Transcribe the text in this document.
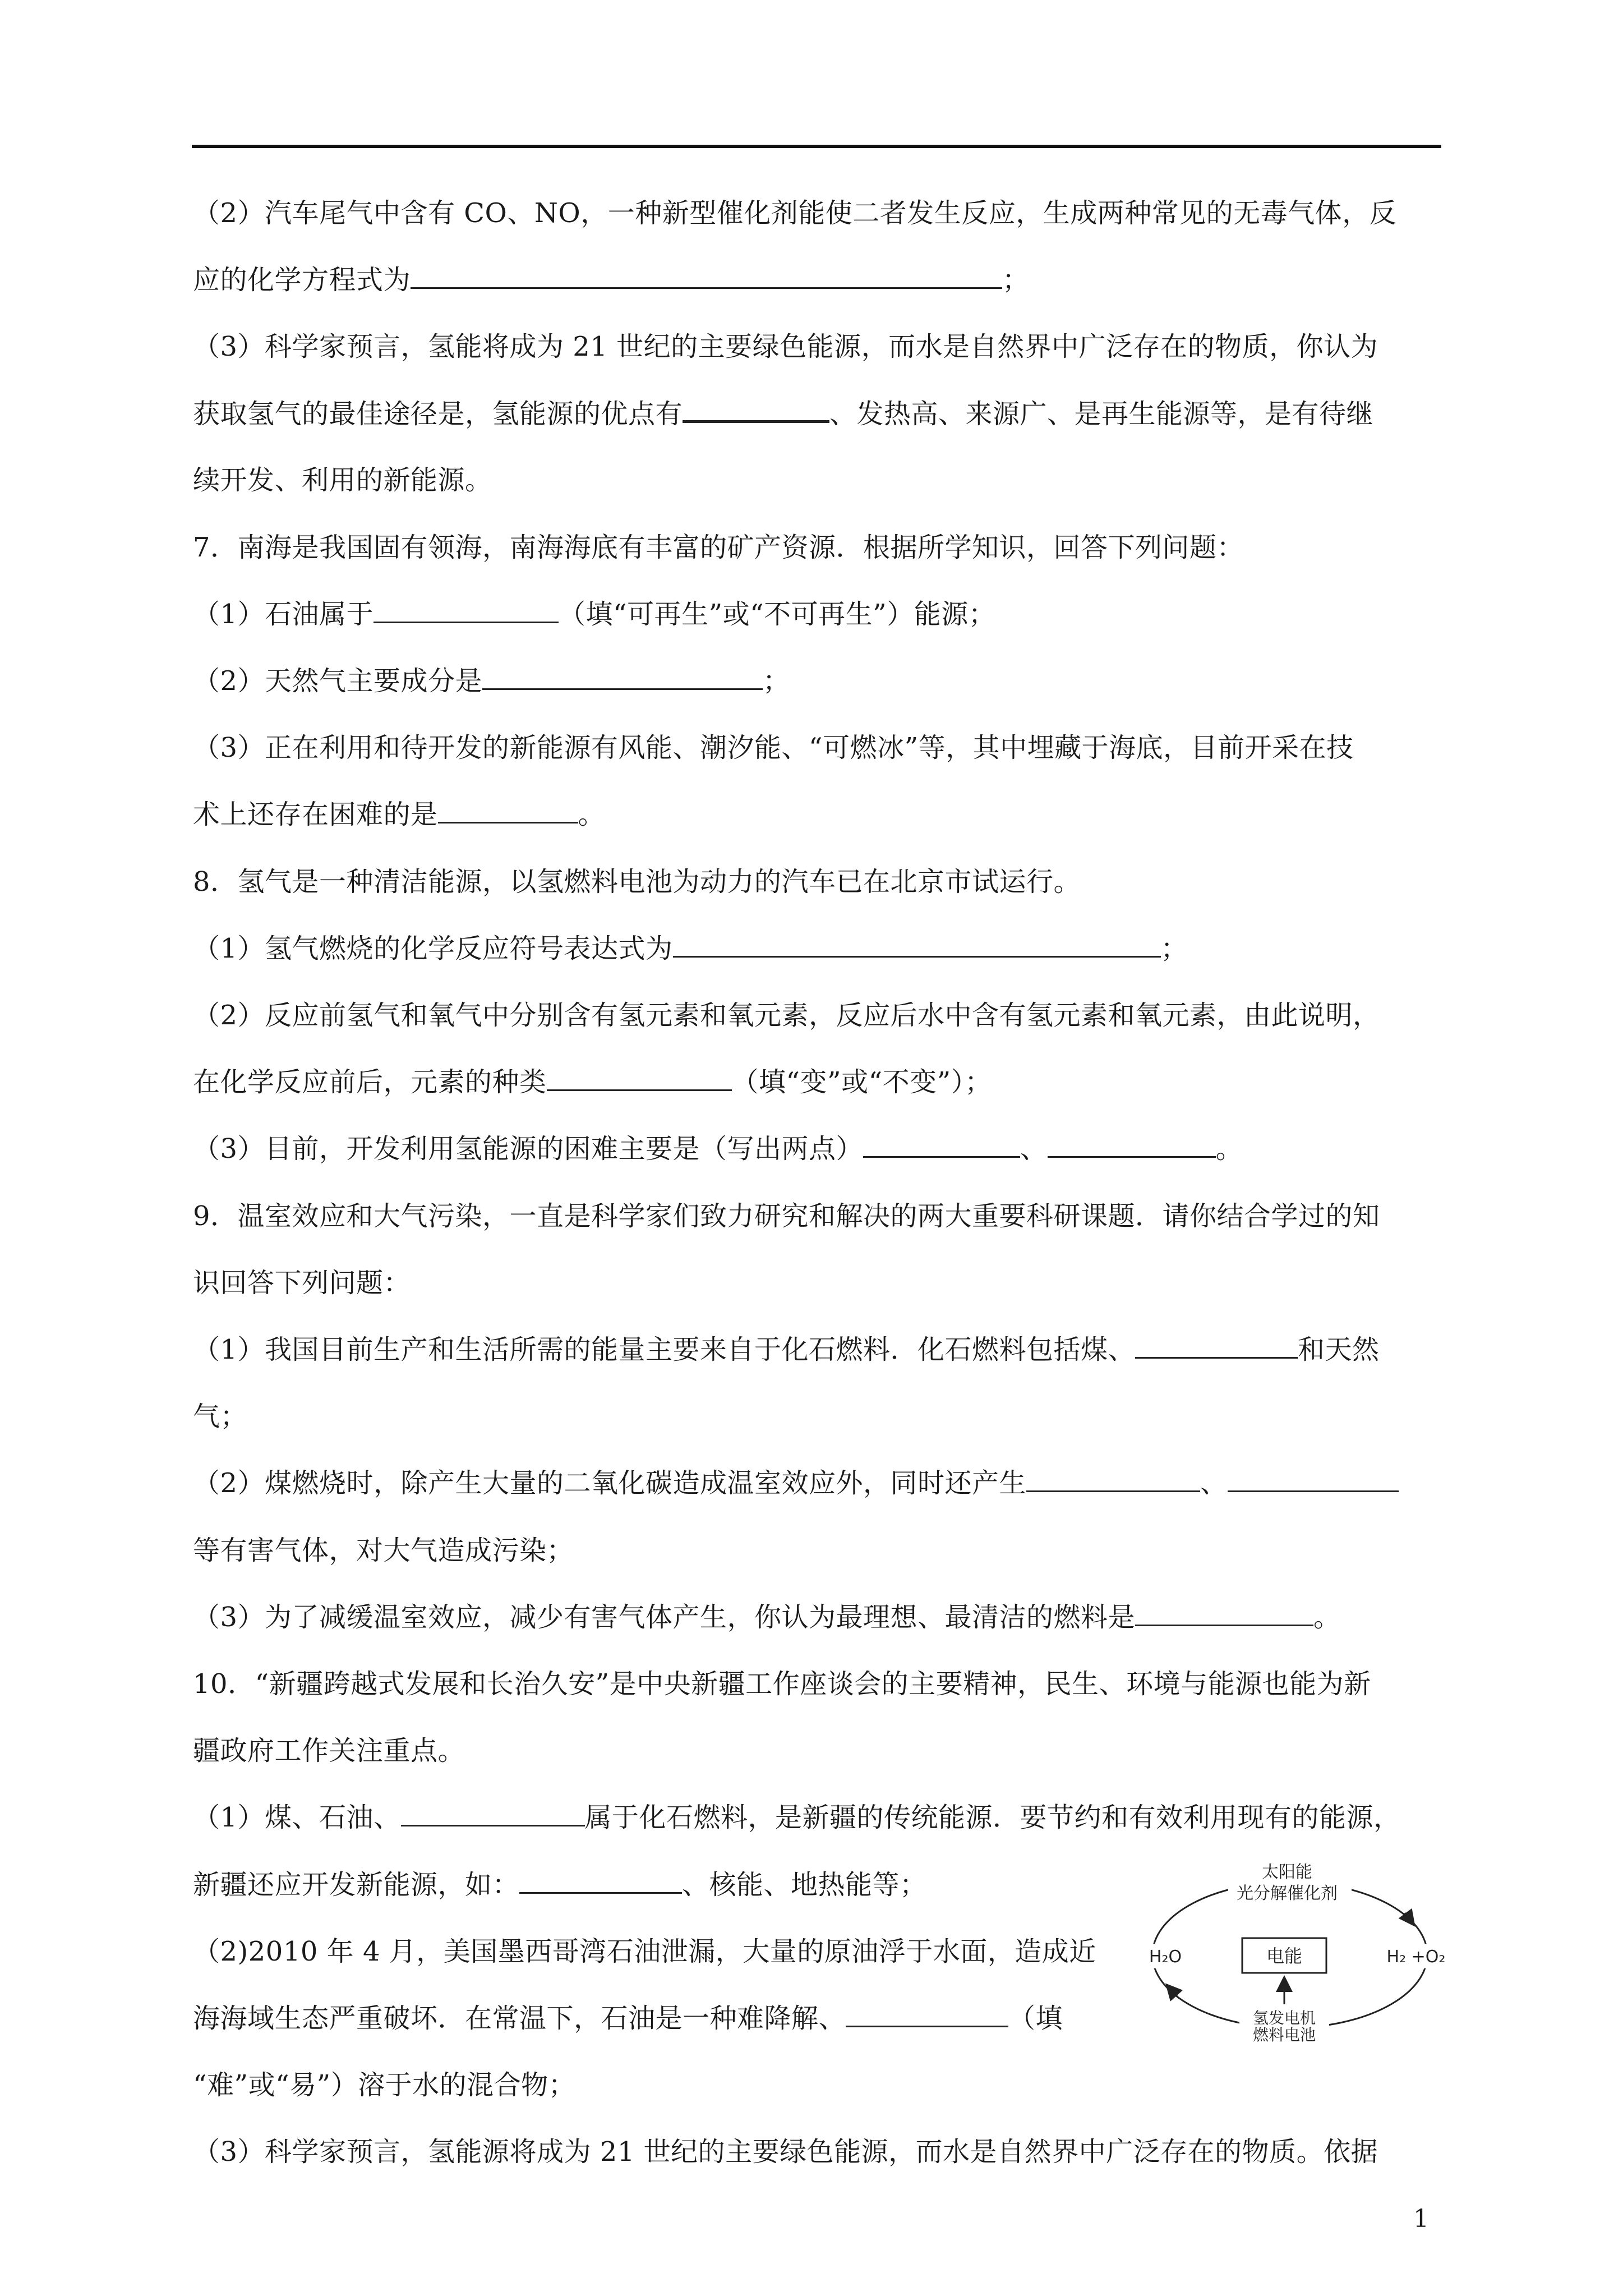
（2）汽车尾气中含有 CO、NO，一种新型催化剂能使二者发生反应，生成两种常见的无毒气体，反
应的化学方程式为	；
（3）科学家预言，氢能将成为 21 世纪的主要绿色能源，而水是自然界中广泛存在的物质，你认为
获取氢气的最佳途径是，氢能源的优点有	、发热高、来源广、是再生能源等，是有待继
续开发、利用的新能源。
7．南海是我国固有领海，南海海底有丰富的矿产资源．根据所学知识，回答下列问题：
（1）石油属于	（填“可再生”或“不可再生”）能源；
（2）天然气主要成分是	；
（3）正在利用和待开发的新能源有风能、潮汐能、“可燃冰”等，其中埋藏于海底，目前开采在技
术上还存在困难的是	。
8．氢气是一种清洁能源，以氢燃料电池为动力的汽车已在北京市试运行。
（1）氢气燃烧的化学反应符号表达式为	；
（2）反应前氢气和氧气中分别含有氢元素和氧元素，反应后水中含有氢元素和氧元素，由此说明，
在化学反应前后，元素的种类	（填“变”或“不变”）；
（3）目前，开发利用氢能源的困难主要是（写出两点）	、	。
9．温室效应和大气污染，一直是科学家们致力研究和解决的两大重要科研课题．请你结合学过的知
识回答下列问题：
（1）我国目前生产和生活所需的能量主要来自于化石燃料．化石燃料包括煤、	和天然
气；
（2）煤燃烧时，除产生大量的二氧化碳造成温室效应外，同时还产生	、
等有害气体，对大气造成污染；
（3）为了减缓温室效应，减少有害气体产生，你认为最理想、最清洁的燃料是	。
10．“新疆跨越式发展和长治久安”是中央新疆工作座谈会的主要精神，民生、环境与能源也能为新
疆政府工作关注重点。
（1）煤、石油、	属于化石燃料，是新疆的传统能源．要节约和有效利用现有的能源，
新疆还应开发新能源，如：	、核能、地热能等；
（2)2010 年 4 月，美国墨西哥湾石油泄漏，大量的原油浮于水面，造成近
海海域生态严重破坏．在常温下，石油是一种难降解、	（填
“难”或“易”）溶于水的混合物；
（3）科学家预言，氢能源将成为 21 世纪的主要绿色能源，而水是自然界中广泛存在的物质。依据
太阳能
光分解催化剂
H₂O	电能	H₂ +O₂
氢发电机
燃料电池
1
